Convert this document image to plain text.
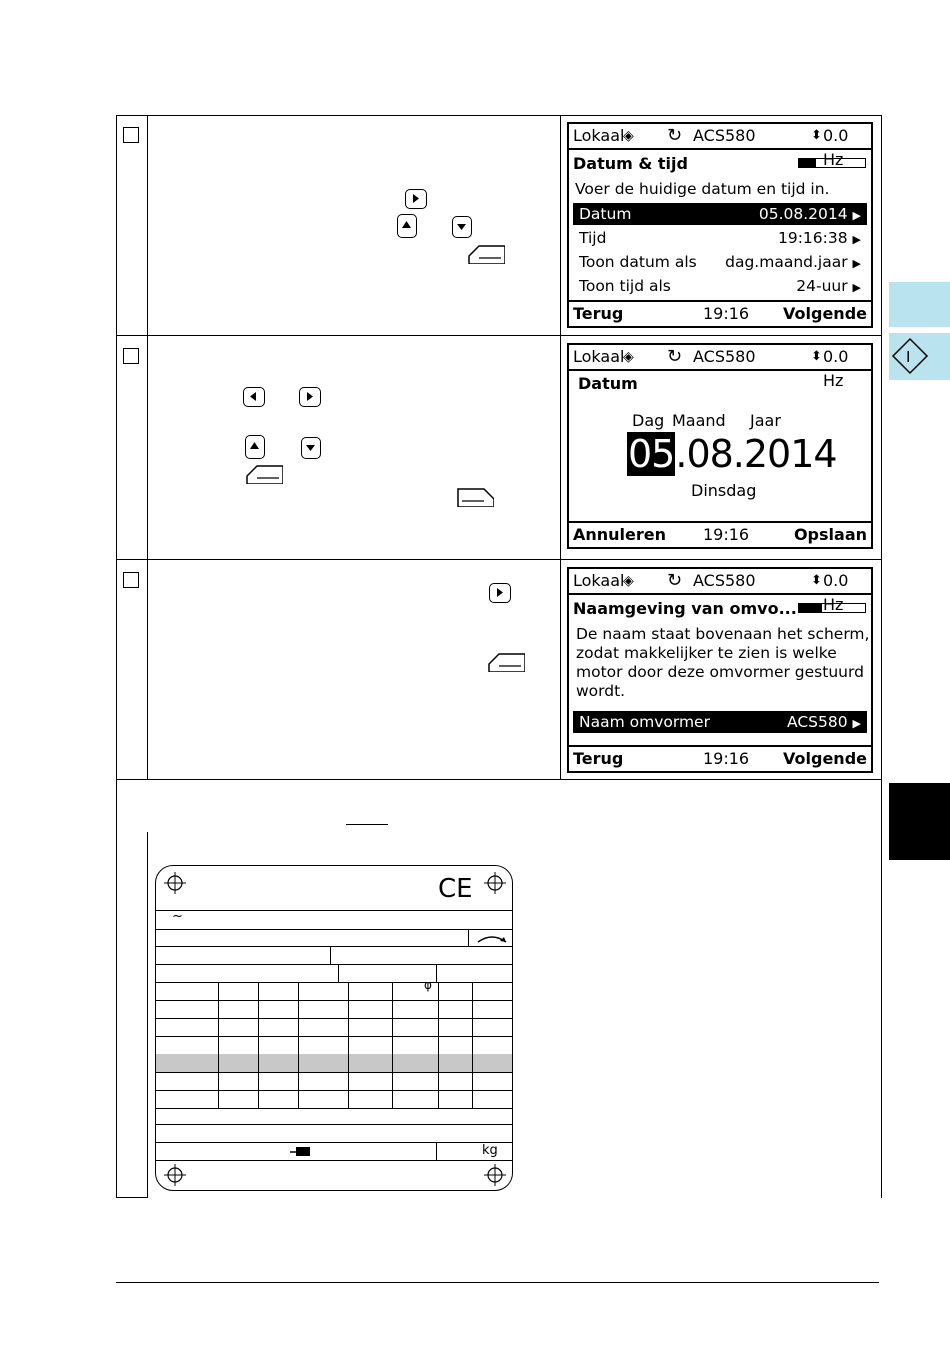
Lokaal
◈ ↻ ACS580	⬍ 0.0 Hz
Datum & tijd
Voer de huidige datum en tijd in.
Datum	05.08.2014 ▶
Tijd	19:16:38 ▶
Toon datum als dag.maand.jaar ▶
Toon tijd als	24-uur ▶
Terug	19:16 Volgende
Lokaal
◈ ↻ ACS580	⬍ 0.0 Hz
Datum
Dag Maand Jaar
05.08.2014
Dinsdag
Annuleren 19:16	Opslaan
Lokaal
◈ ↻ ACS580	⬍ 0.0 Hz
Naamgeving van omvo...
De naam staat bovenaan het scherm,
zodat makkelijker te zien is welke
motor door deze omvormer gestuurd
wordt.
Naam omvormer	ACS580 ▶
Terug	19:16 Volgende
I
CE
~
φ
kg
